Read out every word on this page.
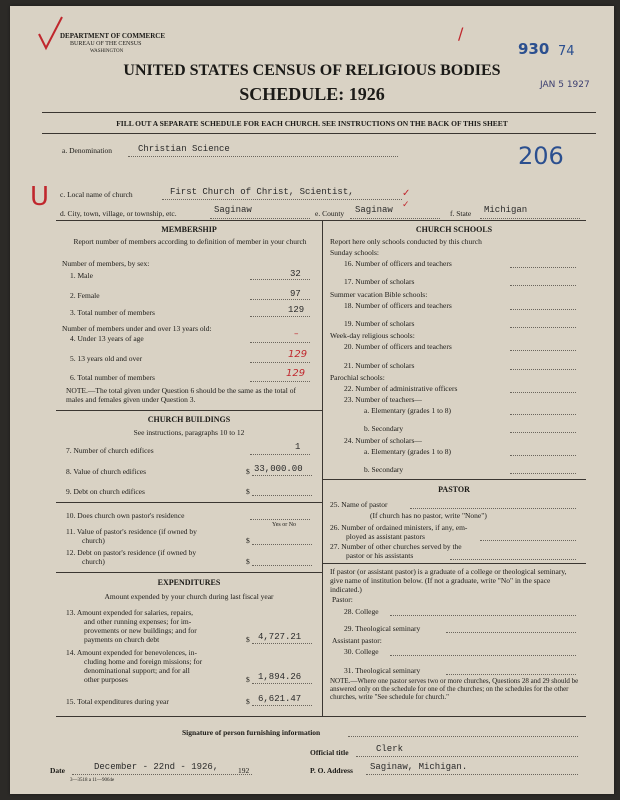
DEPARTMENT OF COMMERCE
BUREAU OF THE CENSUS
WASHINGTON
/
930 74
JAN 5 1927
UNITED STATES CENSUS OF RELIGIOUS BODIES
SCHEDULE: 1926
FILL OUT A SEPARATE SCHEDULE FOR EACH CHURCH. SEE INSTRUCTIONS ON THE BACK OF THIS SHEET
a. Denomination	Christian Science	206
U c. Local name of church	First Church of Christ, Scientist,	✓
d. City, town, village, or township, etc.	Saginaw	e. County Saginaw ✓
f. State Michigan
MEMBERSHIP
Report number of members according to definition of member in your church
Number of members, by sex:
1. Male	32
2. Female	97
3. Total number of members	129
Number of members under and over 13 years old:
4. Under 13 years of age	–
5. 13 years old and over	129
6. Total number of members	129
NOTE.—The total given under Question 6 should be the same as the total of males and females given under Question 3.
CHURCH BUILDINGS
See instructions, paragraphs 10 to 12
7. Number of church edifices	1
8. Value of church edifices	$ 33,000.00
9. Debt on church edifices	$
10. Does church own pastor's residence
Yes or No
11. Value of pastor's residence (if owned by
church)	$
12. Debt on pastor's residence (if owned by
church)	$
EXPENDITURES
Amount expended by your church during last fiscal year
13. Amount expended for salaries, repairs,
and other running expenses; for im-
provements or new buildings; and for
payments on church debt	$ 4,727.21
14. Amount expended for benevolences, in-
cluding home and foreign missions; for
denominational support; and for all
other purposes	$ 1,894.26
15. Total expenditures during year	$ 6,621.47
CHURCH SCHOOLS
Report here only schools conducted by this church
Sunday schools:
16. Number of officers and teachers
17. Number of scholars
Summer vacation Bible schools:
18. Number of officers and teachers
19. Number of scholars
Week-day religious schools:
20. Number of officers and teachers
21. Number of scholars
Parochial schools:
22. Number of administrative officers
23. Number of teachers—
a. Elementary (grades 1 to 8)
b. Secondary
24. Number of scholars—
a. Elementary (grades 1 to 8)
b. Secondary
PASTOR
25. Name of pastor
(If church has no pastor, write "None")
26. Number of ordained ministers, if any, em-
ployed as assistant pastors
27. Number of other churches served by the
pastor or his assistants
If pastor (or assistant pastor) is a graduate of a college or theological seminary, give name of institution below. (If not a graduate, write "No" in the space indicated.)
Pastor:
28. College
29. Theological seminary
Assistant pastor:
30. College
31. Theological seminary
NOTE.—Where one pastor serves two or more churches, Questions 28 and 29 should be answered only on the schedule for one of the churches; on the schedules for the other churches, write "See schedule for church."
Signature of person furnishing information
Official title	Clerk
Date	December - 22nd - 1926,	192	P. O. Address Saginaw, Michigan.
3—3518 a 11—9064e
